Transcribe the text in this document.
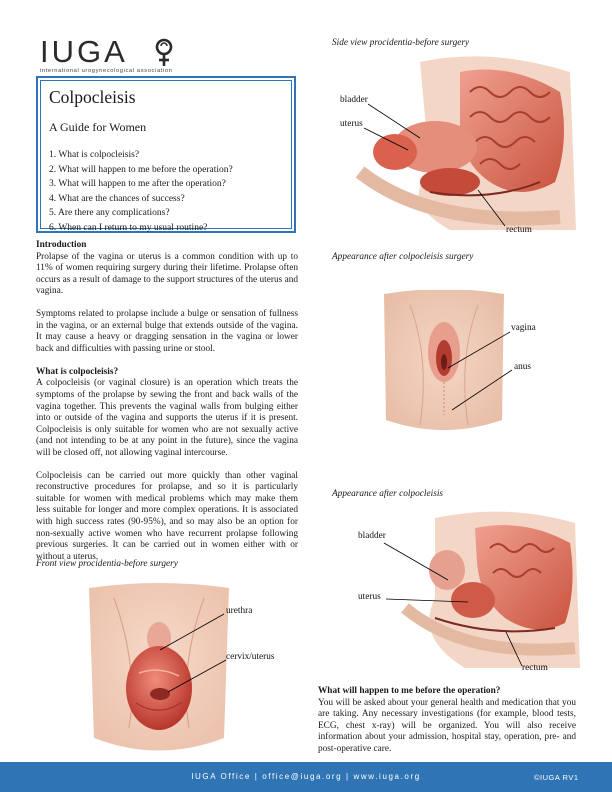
IUGA
international urogynecological association
Colpocleisis
A Guide for Women
1. What is colpocleisis?
2. What will happen to me before the operation?
3. What will happen to me after the operation?
4. What are the chances of success?
5. Are there any complications?
6. When can I return to my usual routine?
Introduction

Prolapse of the vagina or uterus is a common condition with up to 11% of women requiring surgery during their lifetime. Prolapse often occurs as a result of damage to the support structures of the uterus and vagina.

Symptoms related to prolapse include a bulge or sensation of fullness in the vagina, or an external bulge that extends outside of the vagina. It may cause a heavy or dragging sensation in the vagina or lower back and difficulties with passing urine or stool.

What is colpocleisis?

A colpocleisis (or vaginal closure) is an operation which treats the symptoms of the prolapse by sewing the front and back walls of the vagina together. This prevents the vaginal walls from bulging either into or outside of the vagina and supports the uterus if it is present. Colpocleisis is only suitable for women who are not sexually active (and not intending to be at any point in the future), since the vagina will be closed off, not allowing vaginal intercourse.

Colpocleisis can be carried out more quickly than other vaginal reconstructive procedures for prolapse, and so it is particularly suitable for women with medical problems which may make them less suitable for longer and more complex operations. It is associated with high success rates (90-95%), and so may also be an option for non-sexually active women who have recurrent prolapse following previous surgeries. It can be carried out in women either with or without a uterus.

Front view procidentia-before surgery
urethra
cervix/uterus
Side view procidentia-before surgery
bladder
uterus
rectum
Appearance after colpocleisis surgery
vagina
anus
Appearance after colpocleisis
bladder
uterus
rectum
What will happen to me before the operation?

You will be asked about your general health and medication that you are taking. Any necessary investigations (for example, blood tests, ECG, chest x-ray) will be organized. You will also receive information about your admission, hospital stay, operation, pre- and post-operative care.

IUGA Office | office@iuga.org | www.iuga.org	©IUGA RV1
